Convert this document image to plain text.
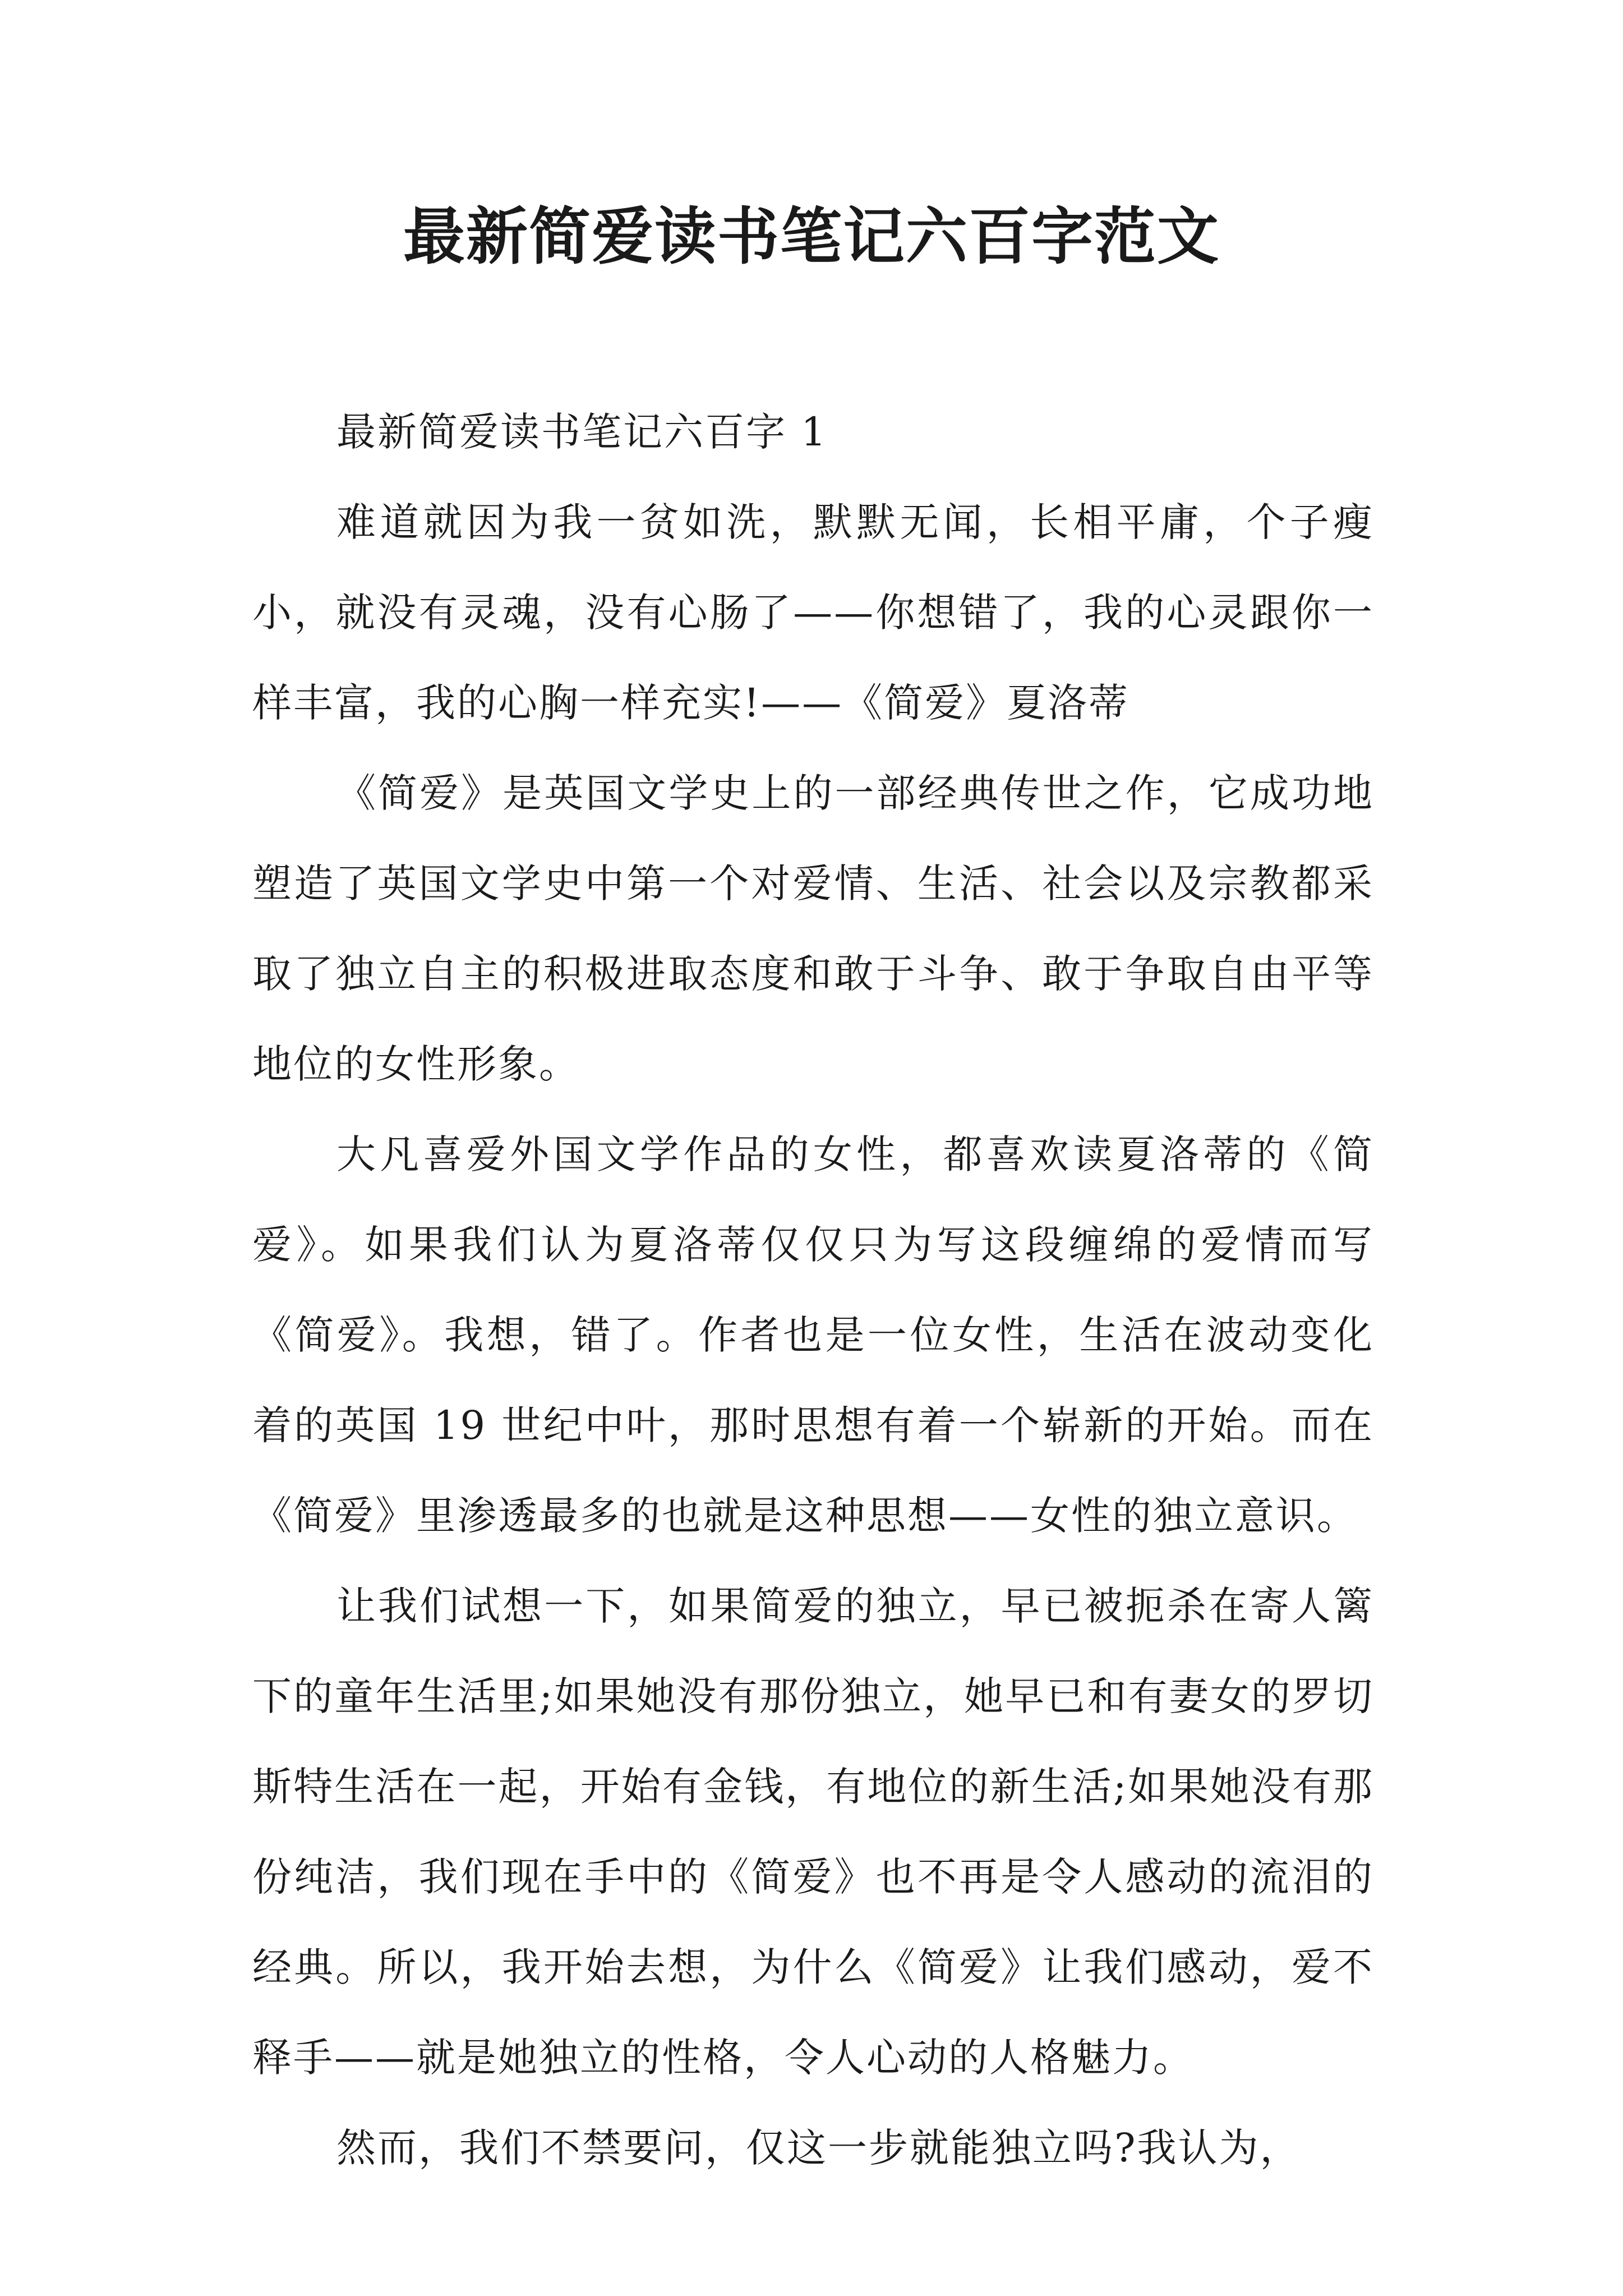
最新简爱读书笔记六百字范文

最新简爱读书笔记六百字 1

难道就因为我一贫如洗，默默无闻，长相平庸，个子瘦小，就没有灵魂，没有心肠了——你想错了，我的心灵跟你一样丰富，我的心胸一样充实!——《简爱》夏洛蒂

《简爱》是英国文学史上的一部经典传世之作，它成功地塑造了英国文学史中第一个对爱情、生活、社会以及宗教都采取了独立自主的积极进取态度和敢于斗争、敢于争取自由平等地位的女性形象。

大凡喜爱外国文学作品的女性，都喜欢读夏洛蒂的《简爱》。如果我们认为夏洛蒂仅仅只为写这段缠绵的爱情而写《简爱》。我想，错了。作者也是一位女性，生活在波动变化着的英国 19 世纪中叶，那时思想有着一个崭新的开始。而在《简爱》里渗透最多的也就是这种思想——女性的独立意识。

让我们试想一下，如果简爱的独立，早已被扼杀在寄人篱下的童年生活里;如果她没有那份独立，她早已和有妻女的罗切斯特生活在一起，开始有金钱，有地位的新生活;如果她没有那份纯洁，我们现在手中的《简爱》也不再是令人感动的流泪的经典。所以，我开始去想，为什么《简爱》让我们感动，爱不释手——就是她独立的性格，令人心动的人格魅力。

然而，我们不禁要问，仅这一步就能独立吗?我认为，
